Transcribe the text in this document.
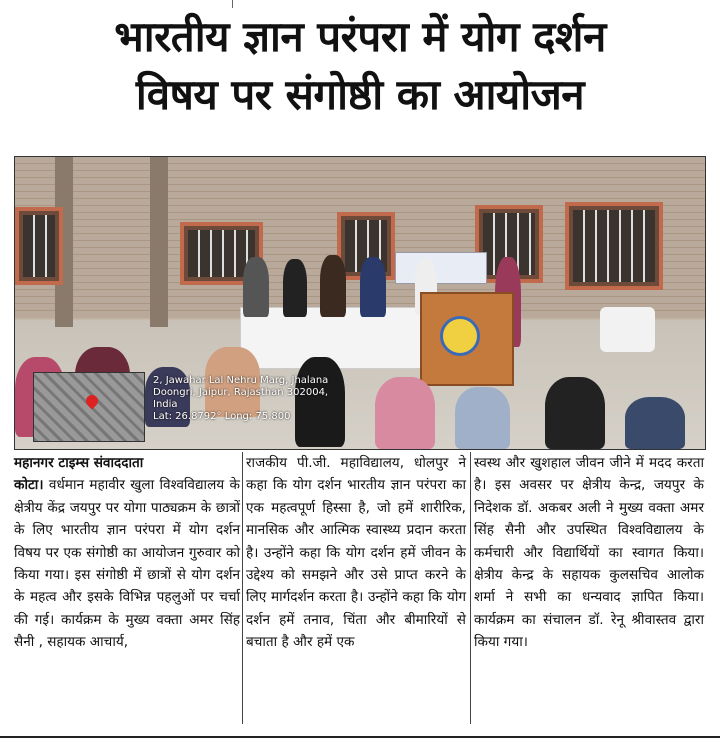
भारतीय ज्ञान परंपरा में योग दर्शन
विषय पर संगोष्ठी का आयोजन
2, Jawahar Lal Nehru Marg, Jhalana
Doongri, Jaipur, Rajasthan 302004,
India
Lat: 26.8792° Long: 75.800
महानगर टाइम्स संवाददाता
कोटा। वर्धमान महावीर खुला विश्वविद्यालय के क्षेत्रीय केंद्र जयपुर पर योगा पाठ्यक्रम के छात्रों के लिए भारतीय ज्ञान परंपरा में योग दर्शन विषय पर एक संगोष्ठी का आयोजन गुरुवार को किया गया। इस संगोष्ठी में छात्रों से योग दर्शन के महत्व और इसके विभिन्न पहलुओं पर चर्चा की गई। कार्यक्रम के मुख्य वक्ता अमर सिंह सैनी , सहायक आचार्य,
राजकीय पी.जी. महाविद्यालय, धोलपुर ने कहा कि योग दर्शन भारतीय ज्ञान परंपरा का एक महत्वपूर्ण हिस्सा है, जो हमें शारीरिक, मानसिक और आत्मिक स्वास्थ्य प्रदान करता है। उन्होंने कहा कि योग दर्शन हमें जीवन के उद्देश्य को समझने और उसे प्राप्त करने के लिए मार्गदर्शन करता है। उन्होंने कहा कि योग दर्शन हमें तनाव, चिंता और बीमारियों से बचाता है और हमें एक
स्वस्थ और खुशहाल जीवन जीने में मदद करता है। इस अवसर पर क्षेत्रीय केन्द्र, जयपुर के निदेशक डॉ. अकबर अली ने मुख्य वक्ता अमर सिंह सैनी और उपस्थित विश्वविद्यालय के कर्मचारी और विद्यार्थियों का स्वागत किया। क्षेत्रीय केन्द्र के सहायक कुलसचिव आलोक शर्मा ने सभी का धन्यवाद ज्ञापित किया। कार्यक्रम का संचालन डॉ. रेनू श्रीवास्तव द्वारा किया गया।
